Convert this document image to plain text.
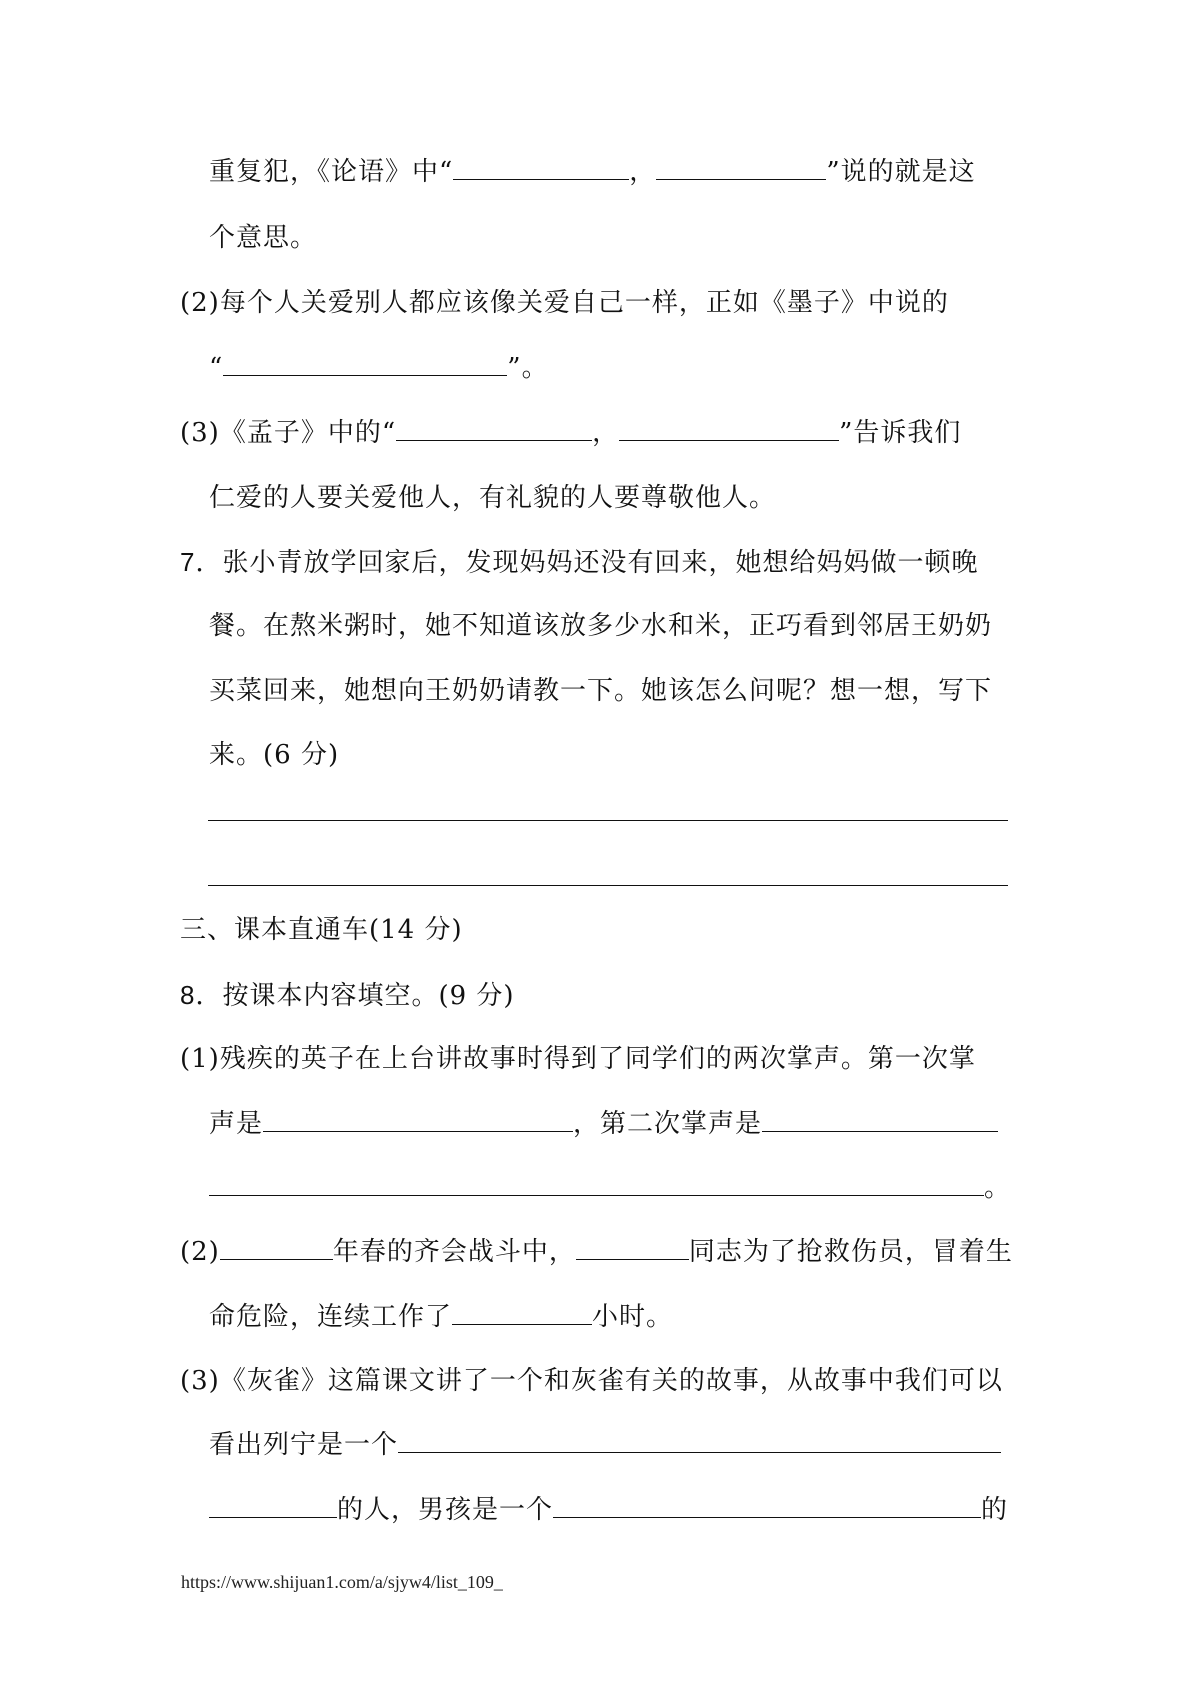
重复犯，《论语》中“	，	”说的就是这
个意思。
(2)每个人关爱别人都应该像关爱自己一样，正如《墨子》中说的
“	”。
(3)《孟子》中的“	，	”告诉我们
仁爱的人要关爱他人，有礼貌的人要尊敬他人。
7．张小青放学回家后，发现妈妈还没有回来，她想给妈妈做一顿晚
餐。在熬米粥时，她不知道该放多少水和米，正巧看到邻居王奶奶
买菜回来，她想向王奶奶请教一下。她该怎么问呢？想一想，写下
来。(6 分)
三、课本直通车(14 分)
8．按课本内容填空。(9 分)
(1)残疾的英子在上台讲故事时得到了同学们的两次掌声。第一次掌
声是	，第二次掌声是
。
(2)	年春的齐会战斗中，	同志为了抢救伤员，冒着生
命危险，连续工作了	小时。
(3)《灰雀》这篇课文讲了一个和灰雀有关的故事，从故事中我们可以
看出列宁是一个
的人，男孩是一个	的
https://www.shijuan1.com/a/sjyw4/list_109_
